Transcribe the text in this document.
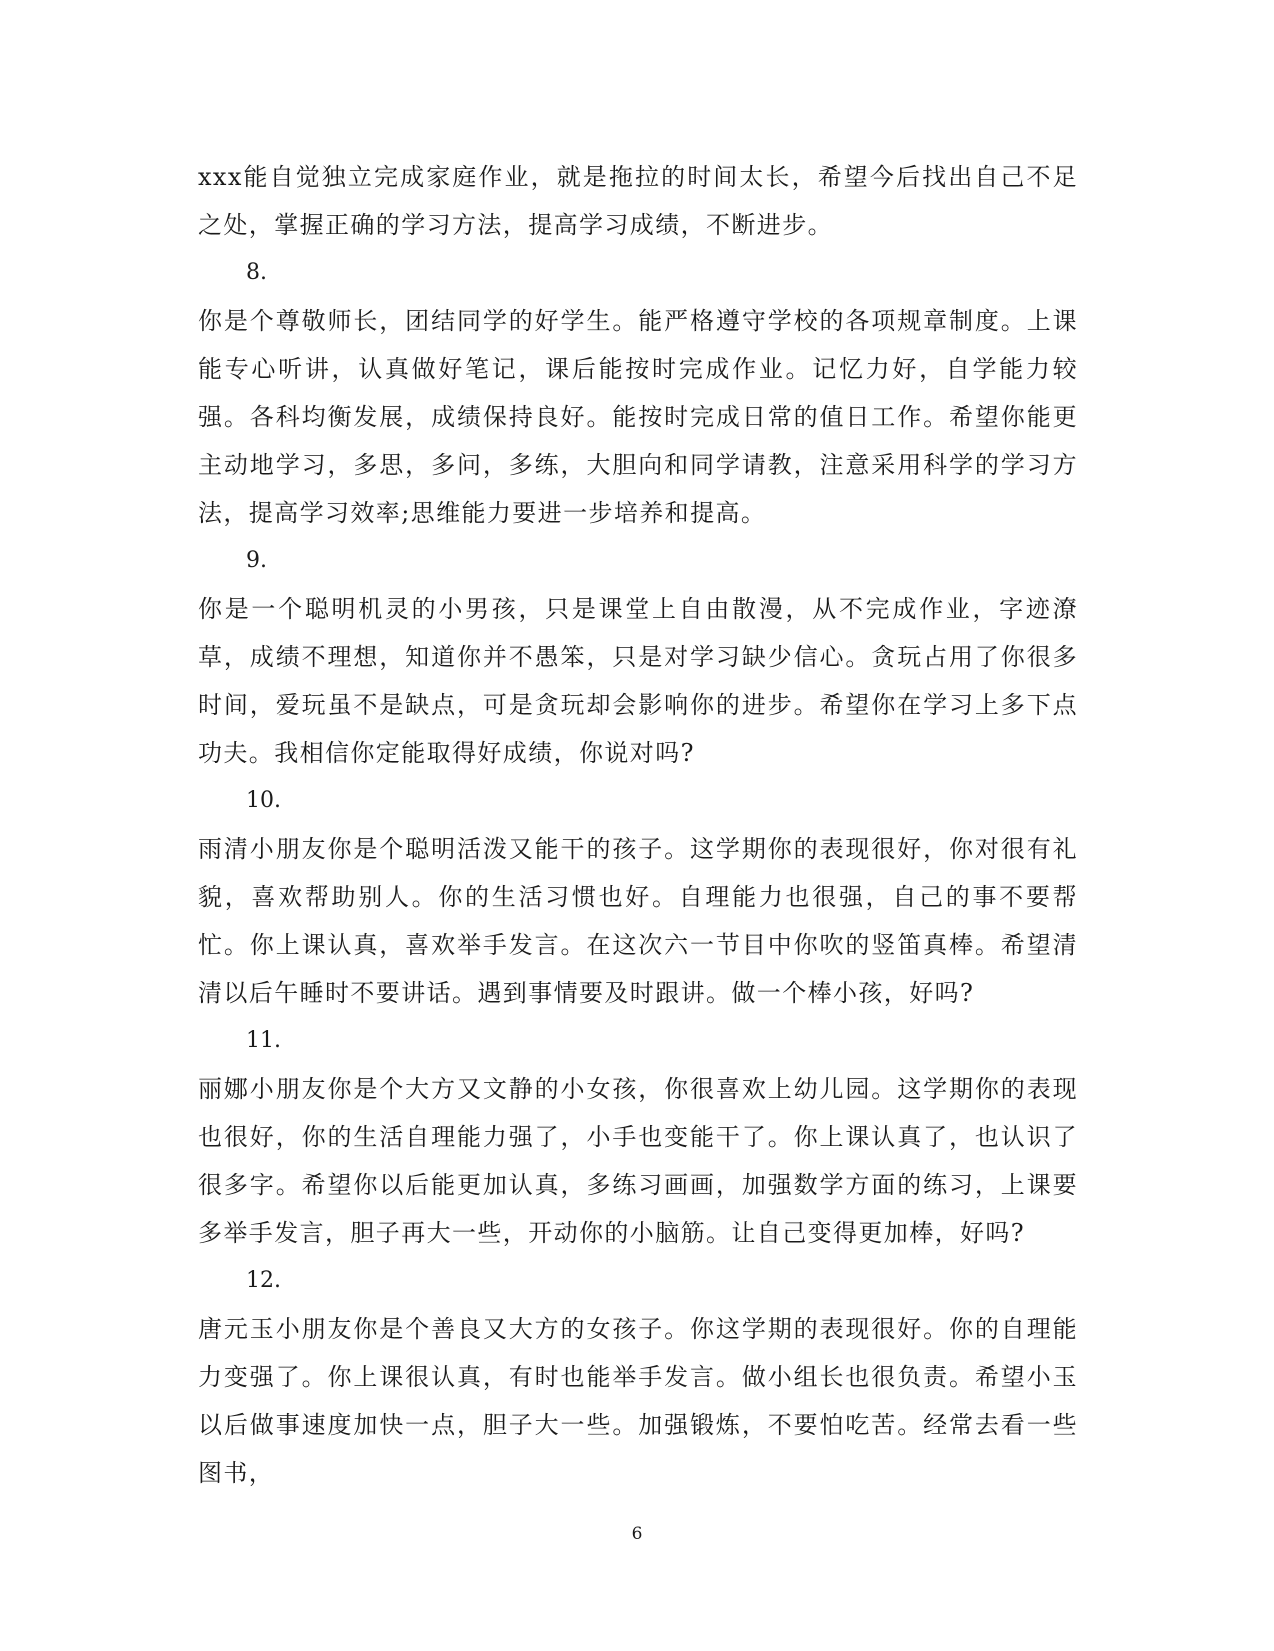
xxx能自觉独立完成家庭作业，就是拖拉的时间太长，希望今后找出自己不足之处，掌握正确的学习方法，提高学习成绩，不断进步。

8.

你是个尊敬师长，团结同学的好学生。能严格遵守学校的各项规章制度。上课能专心听讲，认真做好笔记，课后能按时完成作业。记忆力好，自学能力较强。各科均衡发展，成绩保持良好。能按时完成日常的值日工作。希望你能更主动地学习，多思，多问，多练，大胆向和同学请教，注意采用科学的学习方法，提高学习效率;思维能力要进一步培养和提高。

9.

你是一个聪明机灵的小男孩，只是课堂上自由散漫，从不完成作业，字迹潦草，成绩不理想，知道你并不愚笨，只是对学习缺少信心。贪玩占用了你很多时间，爱玩虽不是缺点，可是贪玩却会影响你的进步。希望你在学习上多下点功夫。我相信你定能取得好成绩，你说对吗?

10.

雨清小朋友你是个聪明活泼又能干的孩子。这学期你的表现很好，你对很有礼貌，喜欢帮助别人。你的生活习惯也好。自理能力也很强，自己的事不要帮忙。你上课认真，喜欢举手发言。在这次六一节目中你吹的竖笛真棒。希望清清以后午睡时不要讲话。遇到事情要及时跟讲。做一个棒小孩，好吗?

11.

丽娜小朋友你是个大方又文静的小女孩，你很喜欢上幼儿园。这学期你的表现也很好，你的生活自理能力强了，小手也变能干了。你上课认真了，也认识了很多字。希望你以后能更加认真，多练习画画，加强数学方面的练习，上课要多举手发言，胆子再大一些，开动你的小脑筋。让自己变得更加棒，好吗?

12.

唐元玉小朋友你是个善良又大方的女孩子。你这学期的表现很好。你的自理能力变强了。你上课很认真，有时也能举手发言。做小组长也很负责。希望小玉以后做事速度加快一点，胆子大一些。加强锻炼，不要怕吃苦。经常去看一些图书，

6
